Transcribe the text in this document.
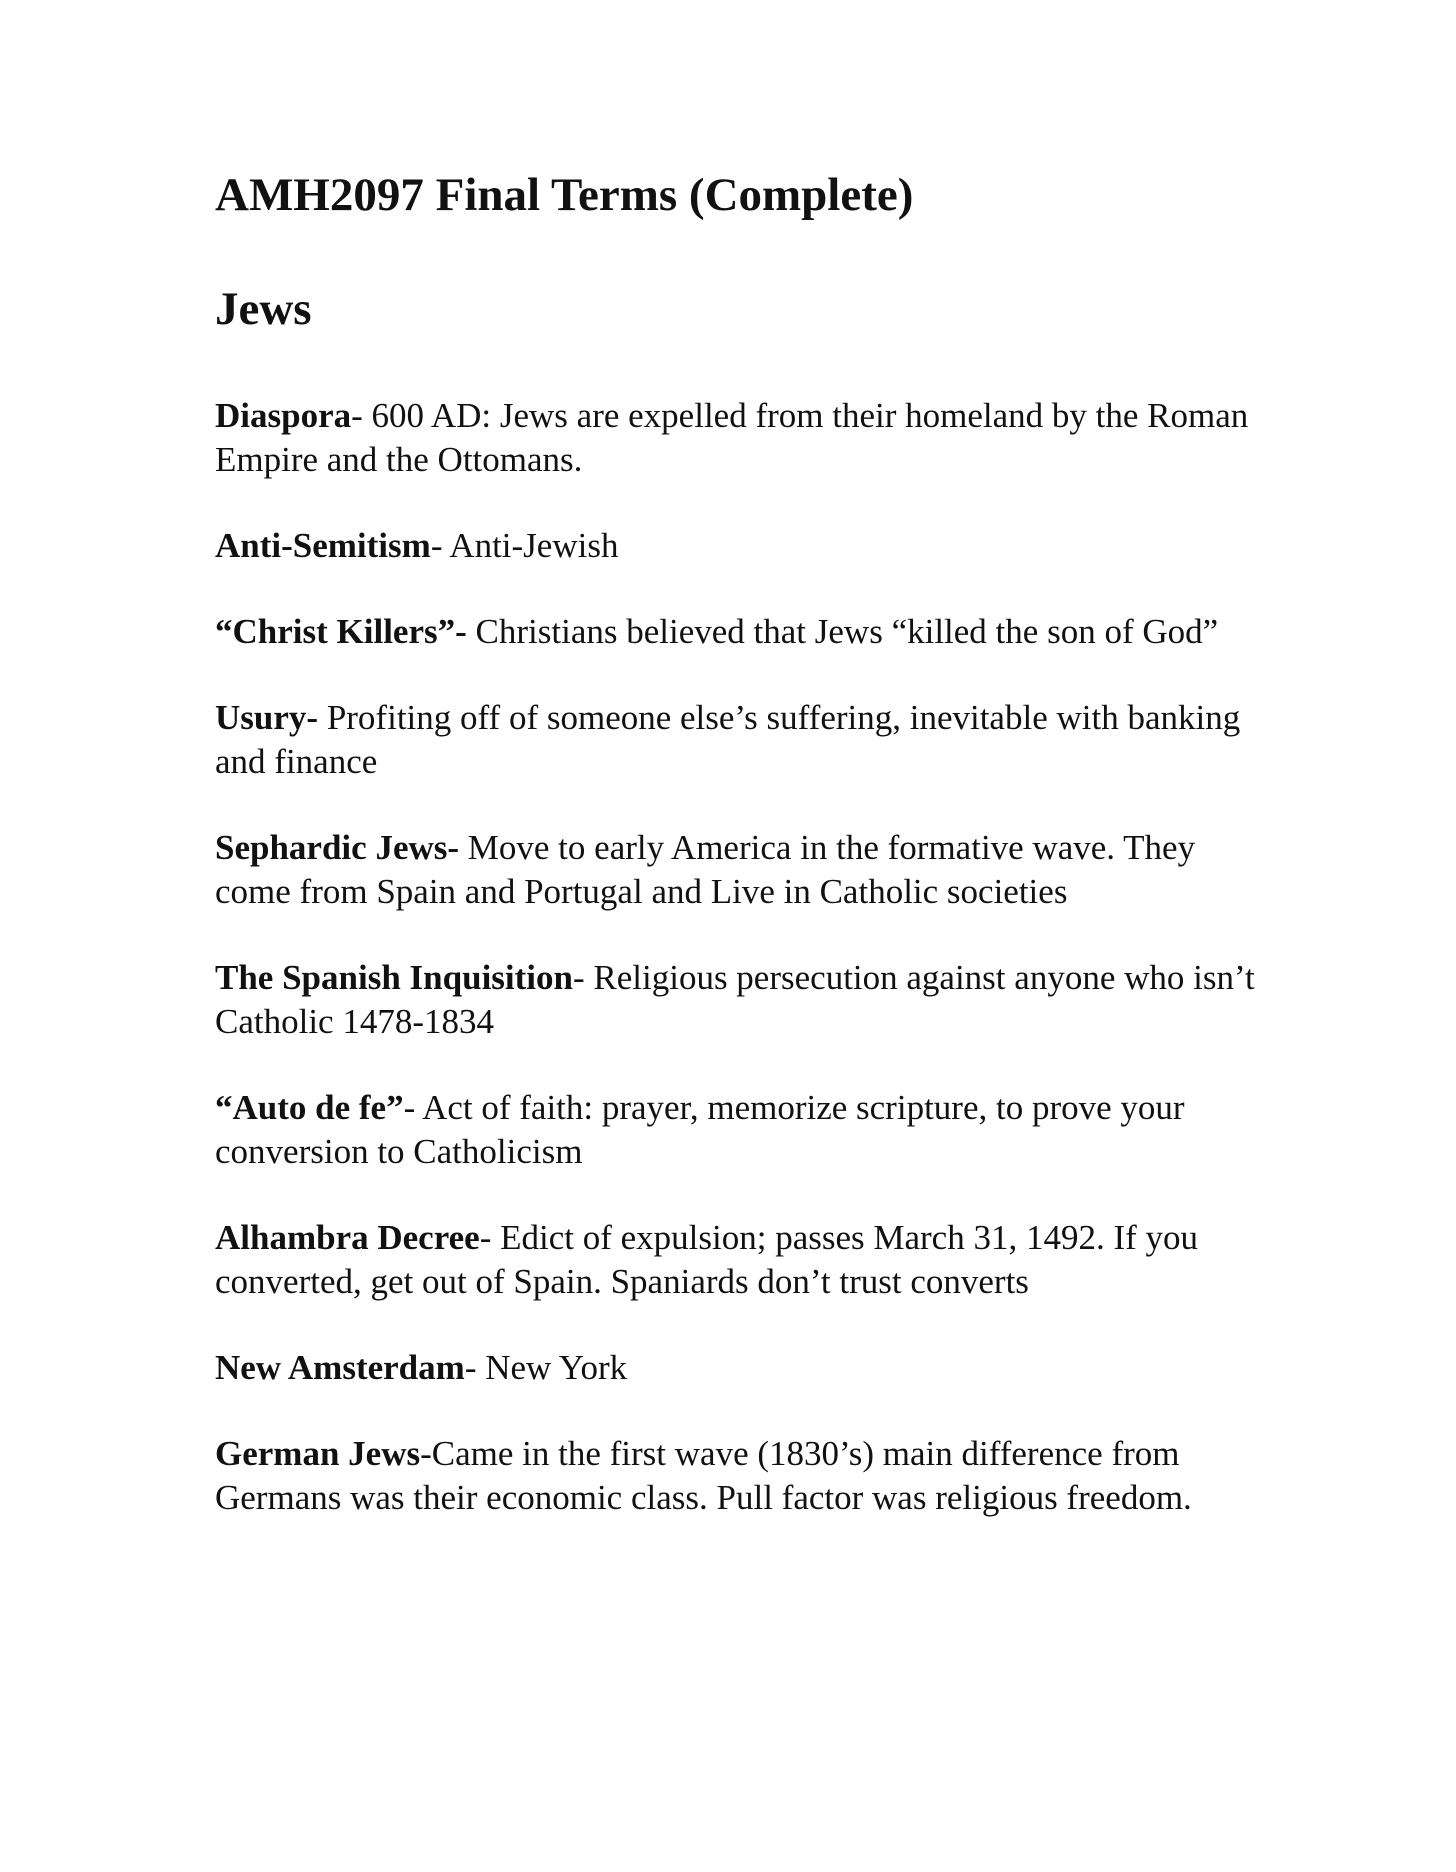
AMH2097 Final Terms (Complete)
Jews

Diaspora- 600 AD: Jews are expelled from their homeland by the Roman Empire and the Ottomans.

Anti-Semitism- Anti-Jewish

“Christ Killers”- Christians believed that Jews “killed the son of God”

Usury- Profiting off of someone else’s suffering, inevitable with banking and finance

Sephardic Jews- Move to early America in the formative wave. They come from Spain and Portugal and Live in Catholic societies

The Spanish Inquisition- Religious persecution against anyone who isn’t Catholic 1478-1834

“Auto de fe”- Act of faith: prayer, memorize scripture, to prove your conversion to Catholicism

Alhambra Decree- Edict of expulsion; passes March 31, 1492. If you converted, get out of Spain. Spaniards don’t trust converts

New Amsterdam- New York

German Jews-Came in the first wave (1830’s) main difference from Germans was their economic class. Pull factor was religious freedom.
